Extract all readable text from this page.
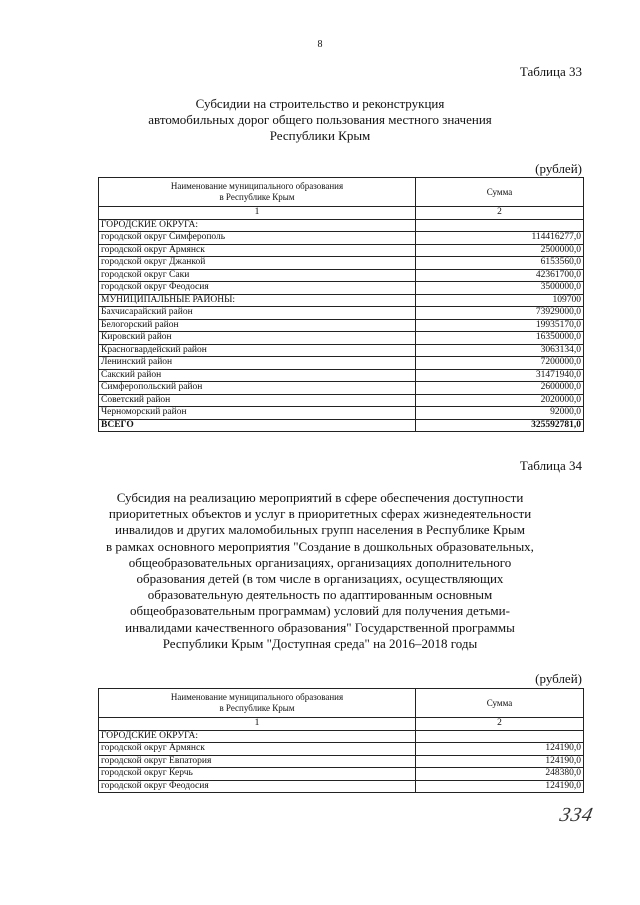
8
Таблица 33
Субсидии на строительство и реконструкция
автомобильных дорог общего пользования местного значения
Республики Крым
(рублей)
Наименование муниципального образования
в Республике Крым	Сумма
1	2
ГОРОДСКИЕ ОКРУГА:	
городской округ Симферополь	114416277,0
городской округ Армянск	2500000,0
городской округ Джанкой	6153560,0
городской округ Саки	42361700,0
городской округ Феодосия	3500000,0
МУНИЦИПАЛЬНЫЕ РАЙОНЫ:	109700
Бахчисарайский район	73929000,0
Белогорский район	19935170,0
Кировский район	16350000,0
Красногвардейский район	3063134,0
Ленинский район	7200000,0
Сакский район	31471940,0
Симферопольский район	2600000,0
Советский район	2020000,0
Черноморский район	92000,0
ВСЕГО	325592781,0
Таблица 34
Субсидия на реализацию мероприятий в сфере обеспечения доступности
приоритетных объектов и услуг в приоритетных сферах жизнедеятельности
инвалидов и других маломобильных групп населения в Республике Крым
в рамках основного мероприятия "Создание в дошкольных образовательных,
общеобразовательных организациях, организациях дополнительного
образования детей (в том числе в организациях, осуществляющих
образовательную деятельность по адаптированным основным
общеобразовательным программам) условий для получения детьми-
инвалидами качественного образования" Государственной программы
Республики Крым "Доступная среда" на 2016–2018 годы
(рублей)
Наименование муниципального образования
в Республике Крым	Сумма
1	2
ГОРОДСКИЕ ОКРУГА:	
городской округ Армянск	124190,0
городской округ Евпатория	124190,0
городской округ Керчь	248380,0
городской округ Феодосия	124190,0
334
